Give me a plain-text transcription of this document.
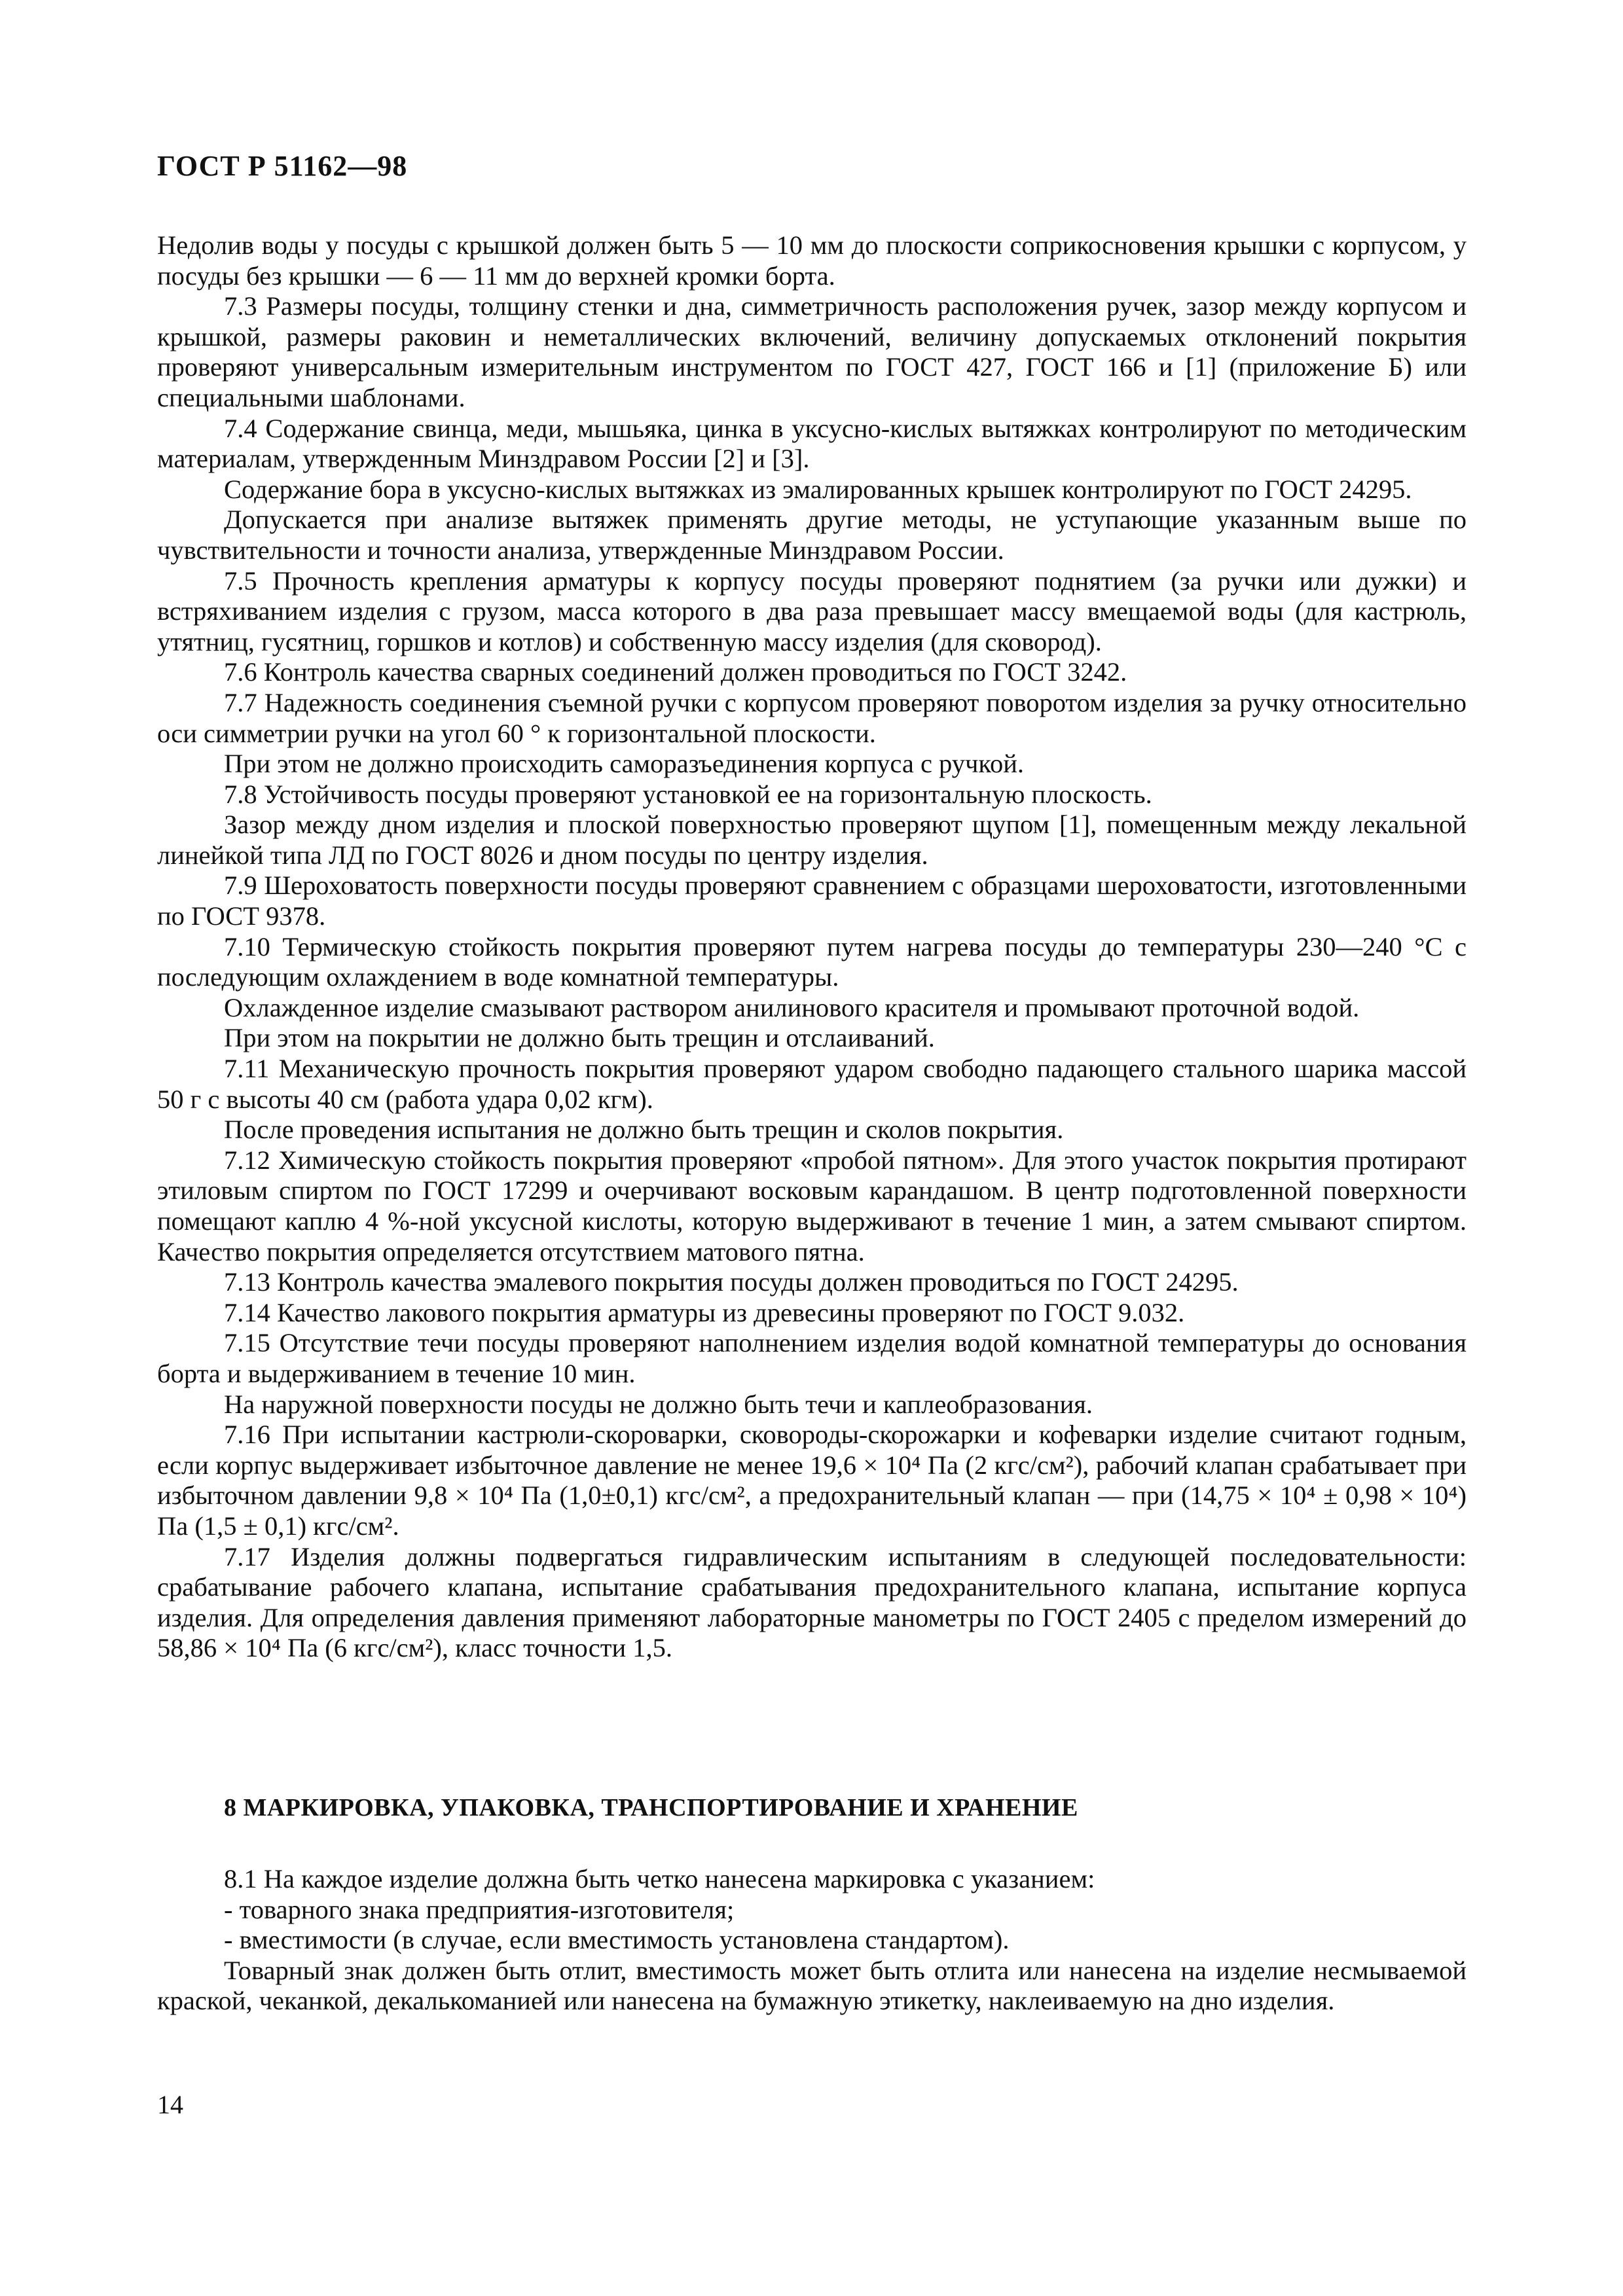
ГОСТ Р 51162—98

Недолив воды у посуды с крышкой должен быть 5 — 10 мм до плоскости соприкосновения крышки с корпусом, у посуды без крышки — 6 — 11 мм до верхней кромки борта.

7.3 Размеры посуды, толщину стенки и дна, симметричность расположения ручек, зазор между корпусом и крышкой, размеры раковин и неметаллических включений, величину допускаемых отклонений покрытия проверяют универсальным измерительным инструментом по ГОСТ 427, ГОСТ 166 и [1] (приложение Б) или специальными шаблонами.

7.4 Содержание свинца, меди, мышьяка, цинка в уксусно-кислых вытяжках контролируют по методическим материалам, утвержденным Минздравом России [2] и [3].

Содержание бора в уксусно-кислых вытяжках из эмалированных крышек контролируют по ГОСТ 24295.

Допускается при анализе вытяжек применять другие методы, не уступающие указанным выше по чувствительности и точности анализа, утвержденные Минздравом России.

7.5 Прочность крепления арматуры к корпусу посуды проверяют поднятием (за ручки или дужки) и встряхиванием изделия с грузом, масса которого в два раза превышает массу вмещаемой воды (для кастрюль, утятниц, гусятниц, горшков и котлов) и собственную массу изделия (для сковород).

7.6 Контроль качества сварных соединений должен проводиться по ГОСТ 3242.

7.7 Надежность соединения съемной ручки с корпусом проверяют поворотом изделия за ручку относительно оси симметрии ручки на угол 60 ° к горизонтальной плоскости.

При этом не должно происходить саморазъединения корпуса с ручкой.

7.8 Устойчивость посуды проверяют установкой ее на горизонтальную плоскость.

Зазор между дном изделия и плоской поверхностью проверяют щупом [1], помещенным между лекальной линейкой типа ЛД по ГОСТ 8026 и дном посуды по центру изделия.

7.9 Шероховатость поверхности посуды проверяют сравнением с образцами шероховатости, изготовленными по ГОСТ 9378.

7.10 Термическую стойкость покрытия проверяют путем нагрева посуды до температуры 230—240 °С с последующим охлаждением в воде комнатной температуры.

Охлажденное изделие смазывают раствором анилинового красителя и промывают проточной водой.

При этом на покрытии не должно быть трещин и отслаиваний.

7.11 Механическую прочность покрытия проверяют ударом свободно падающего стального шарика массой 50 г с высоты 40 см (работа удара 0,02 кгм).

После проведения испытания не должно быть трещин и сколов покрытия.

7.12 Химическую стойкость покрытия проверяют «пробой пятном». Для этого участок покрытия протирают этиловым спиртом по ГОСТ 17299 и очерчивают восковым карандашом. В центр подготовленной поверхности помещают каплю 4 %-ной уксусной кислоты, которую выдерживают в течение 1 мин, а затем смывают спиртом. Качество покрытия определяется отсутствием матового пятна.

7.13 Контроль качества эмалевого покрытия посуды должен проводиться по ГОСТ 24295.

7.14 Качество лакового покрытия арматуры из древесины проверяют по ГОСТ 9.032.

7.15 Отсутствие течи посуды проверяют наполнением изделия водой комнатной температуры до основания борта и выдерживанием в течение 10 мин.

На наружной поверхности посуды не должно быть течи и каплеобразования.

7.16 При испытании кастрюли-скороварки, сковороды-скорожарки и кофеварки изделие считают годным, если корпус выдерживает избыточное давление не менее 19,6 × 10⁴ Па (2 кгс/см²), рабочий клапан срабатывает при избыточном давлении 9,8 × 10⁴ Па (1,0±0,1) кгс/см², а предохранительный клапан — при (14,75 × 10⁴ ± 0,98 × 10⁴) Па (1,5 ± 0,1) кгс/см².

7.17 Изделия должны подвергаться гидравлическим испытаниям в следующей последовательности: срабатывание рабочего клапана, испытание срабатывания предохранительного клапана, испытание корпуса изделия. Для определения давления применяют лабораторные манометры по ГОСТ 2405 с пределом измерений до 58,86 × 10⁴ Па (6 кгс/см²), класс точности 1,5.

8 МАРКИРОВКА, УПАКОВКА, ТРАНСПОРТИРОВАНИЕ И ХРАНЕНИЕ

8.1 На каждое изделие должна быть четко нанесена маркировка с указанием:

- товарного знака предприятия-изготовителя;

- вместимости (в случае, если вместимость установлена стандартом).

Товарный знак должен быть отлит, вместимость может быть отлита или нанесена на изделие несмываемой краской, чеканкой, декалькоманией или нанесена на бумажную этикетку, наклеиваемую на дно изделия.

14
